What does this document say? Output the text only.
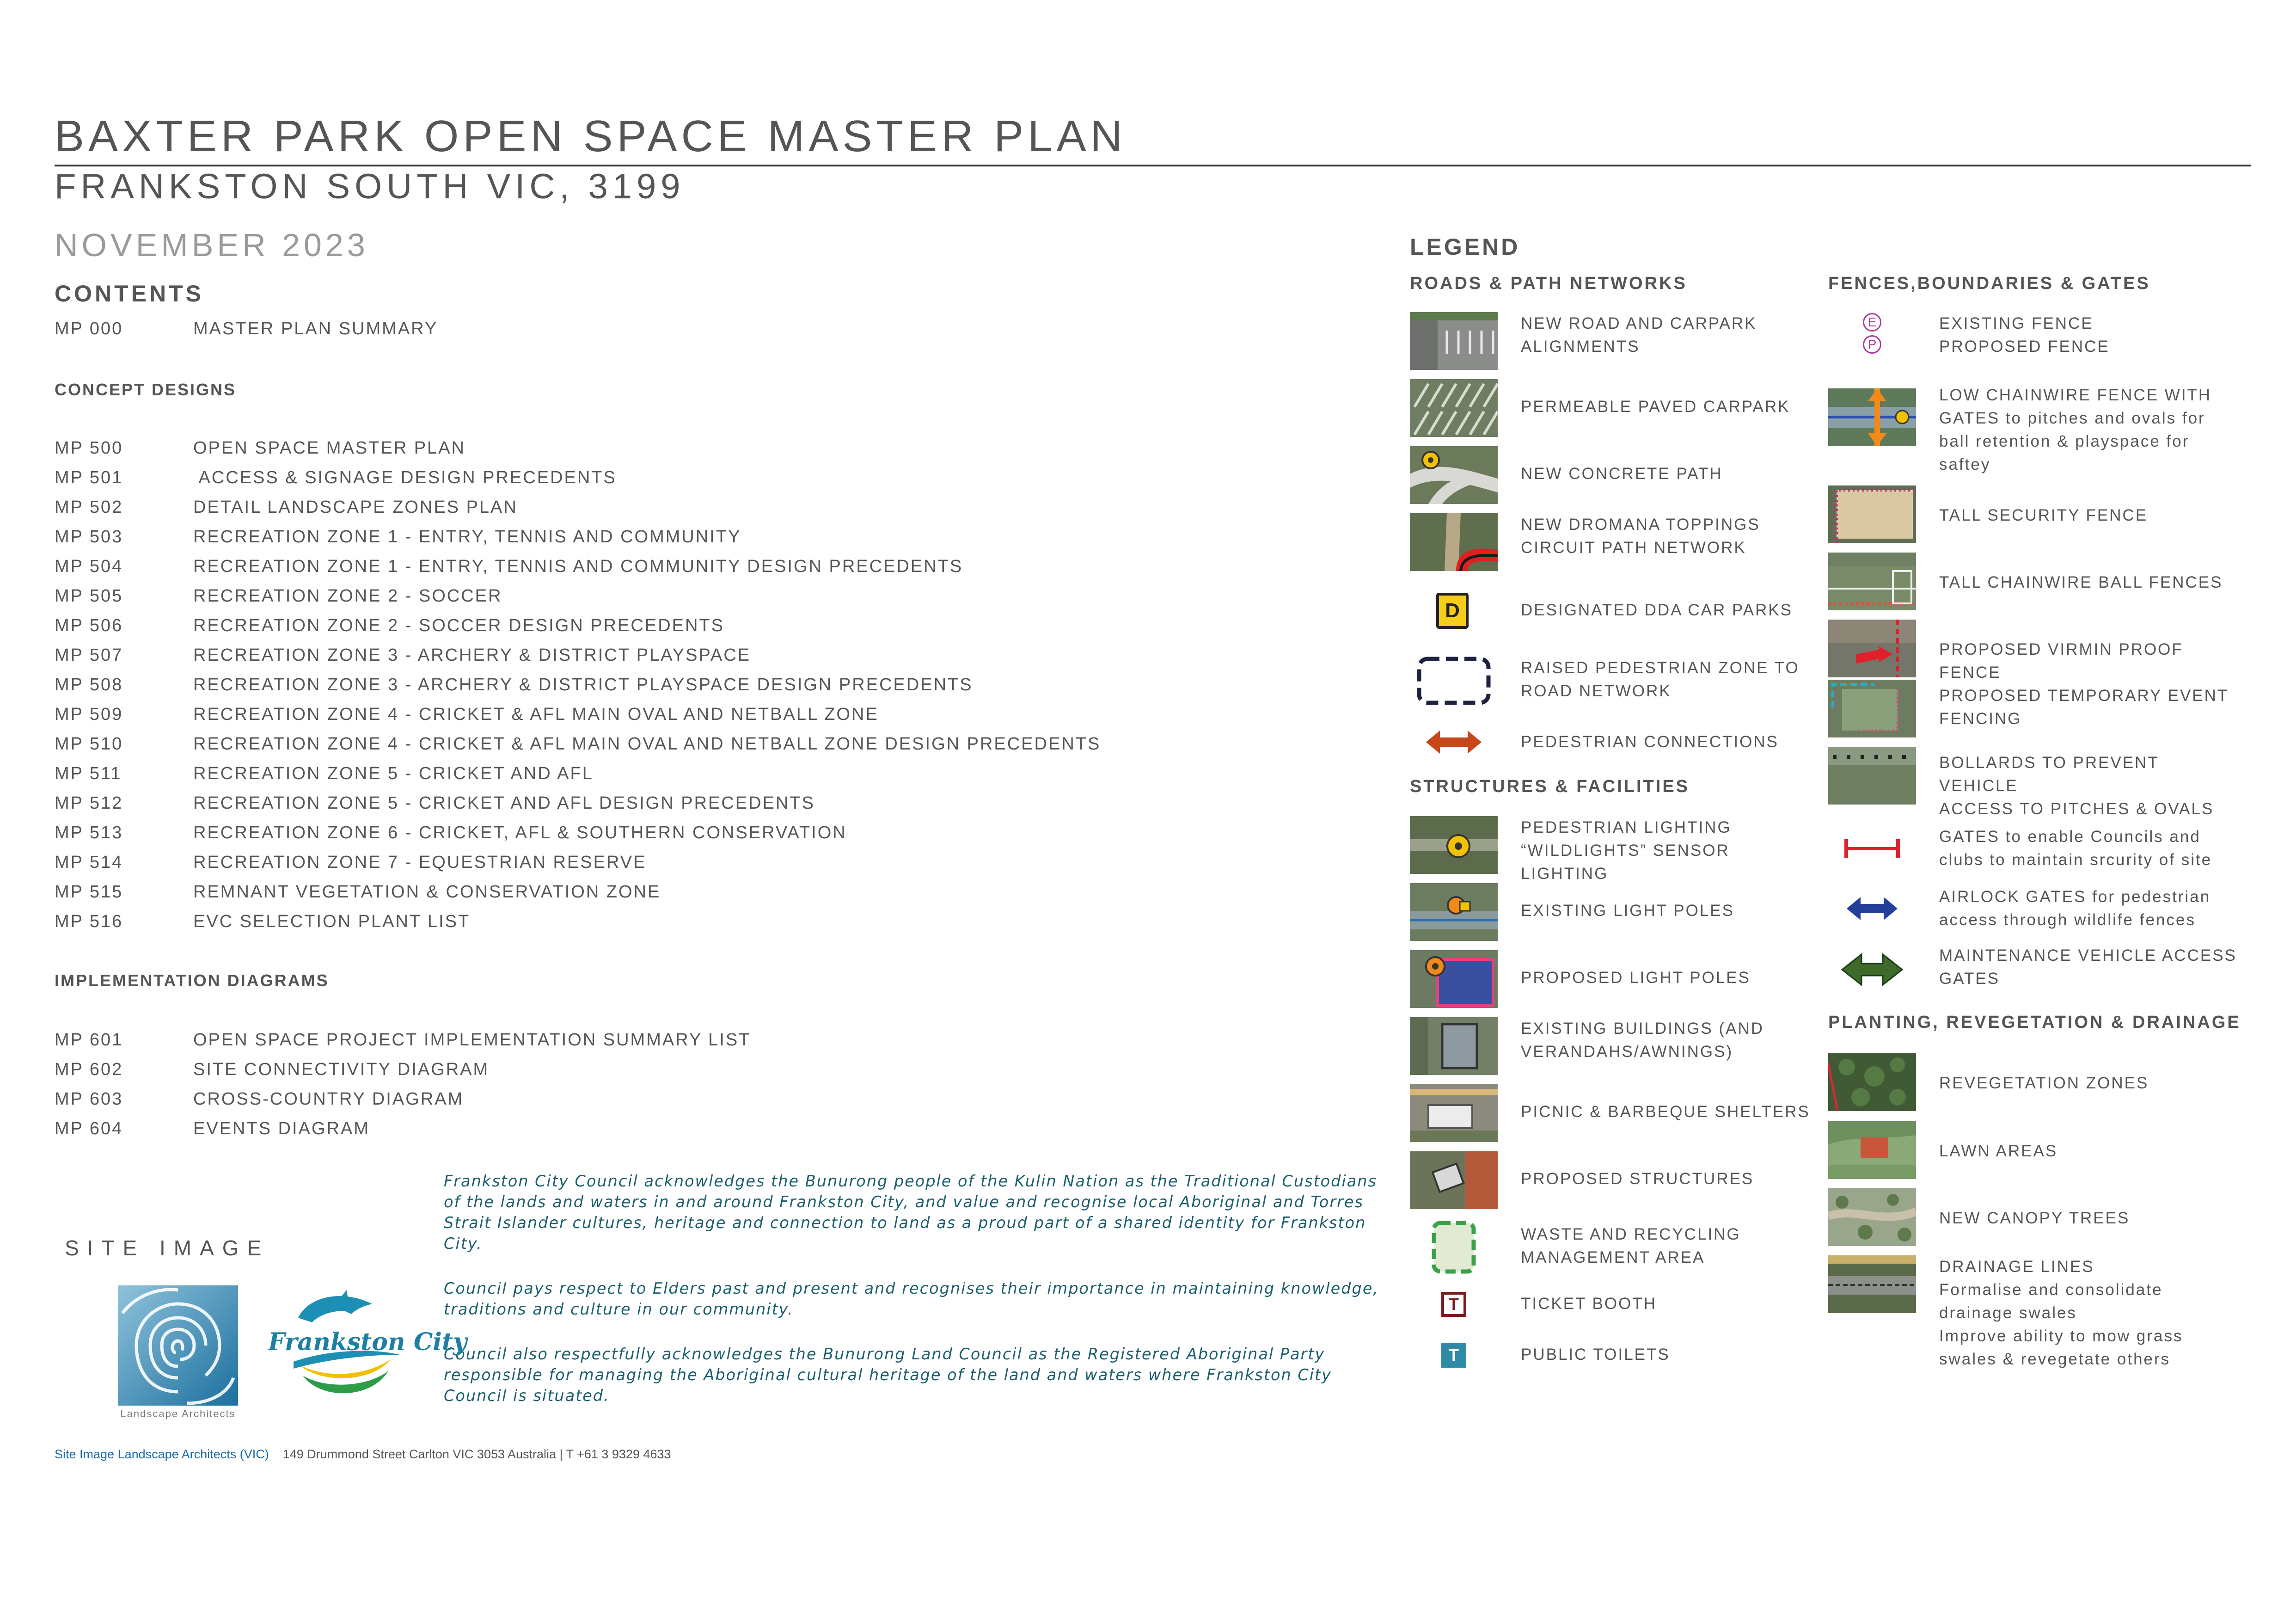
BAXTER PARK OPEN SPACE MASTER PLAN
FRANKSTON SOUTH VIC, 3199
NOVEMBER 2023
CONTENTS
MP 000	MASTER PLAN SUMMARY
CONCEPT DESIGNS
MP 500	OPEN SPACE MASTER PLAN
MP 501	ACCESS & SIGNAGE DESIGN PRECEDENTS
MP 502	DETAIL LANDSCAPE ZONES PLAN
MP 503	RECREATION ZONE 1 - ENTRY, TENNIS AND COMMUNITY
MP 504	RECREATION ZONE 1 - ENTRY, TENNIS AND COMMUNITY DESIGN PRECEDENTS
MP 505	RECREATION ZONE 2 - SOCCER
MP 506	RECREATION ZONE 2 - SOCCER DESIGN PRECEDENTS
MP 507	RECREATION ZONE 3 - ARCHERY & DISTRICT PLAYSPACE
MP 508	RECREATION ZONE 3 - ARCHERY & DISTRICT PLAYSPACE DESIGN PRECEDENTS
MP 509	RECREATION ZONE 4 - CRICKET & AFL MAIN OVAL AND NETBALL ZONE
MP 510	RECREATION ZONE 4 - CRICKET & AFL MAIN OVAL AND NETBALL ZONE DESIGN PRECEDENTS
MP 511	RECREATION ZONE 5 - CRICKET AND AFL
MP 512	RECREATION ZONE 5 - CRICKET AND AFL DESIGN PRECEDENTS
MP 513	RECREATION ZONE 6 - CRICKET, AFL & SOUTHERN CONSERVATION
MP 514	RECREATION ZONE 7 - EQUESTRIAN RESERVE
MP 515	REMNANT VEGETATION & CONSERVATION ZONE
MP 516	EVC SELECTION PLANT LIST
IMPLEMENTATION DIAGRAMS
MP 601	OPEN SPACE PROJECT IMPLEMENTATION SUMMARY LIST
MP 602	SITE CONNECTIVITY DIAGRAM
MP 603	CROSS-COUNTRY DIAGRAM
MP 604	EVENTS DIAGRAM

Frankston City Council acknowledges the Bunurong people of the Kulin Nation as the Traditional Custodians of the lands and waters in and around Frankston City, and value and recognise local Aboriginal and Torres Strait Islander cultures, heritage and connection to land as a proud part of a shared identity for Frankston City.

Council pays respect to Elders past and present and recognises their importance in maintaining knowledge, traditions and culture in our community.

Council also respectfully acknowledges the Bunurong Land Council as the Registered Aboriginal Party responsible for managing the Aboriginal cultural heritage of the land and waters where Frankston City Council is situated.

SITE IMAGE
Landscape Architects
Frankston City
Site Image Landscape Architects (VIC) 149 Drummond Street Carlton VIC 3053 Australia | T +61 3 9329 4633
LEGEND
ROADS & PATH NETWORKS
NEW ROAD AND CARPARK
ALIGNMENTS
PERMEABLE PAVED CARPARK
NEW CONCRETE PATH
NEW DROMANA TOPPINGS
CIRCUIT PATH NETWORK
D	DESIGNATED DDA CAR PARKS
RAISED PEDESTRIAN ZONE TO
ROAD NETWORK
PEDESTRIAN CONNECTIONS
STRUCTURES & FACILITIES
PEDESTRIAN LIGHTING
“WILDLIGHTS” SENSOR LIGHTING
EXISTING LIGHT POLES
PROPOSED LIGHT POLES
EXISTING BUILDINGS (AND
VERANDAHS/AWNINGS)
PICNIC & BARBEQUE SHELTERS
PROPOSED STRUCTURES
WASTE AND RECYCLING
MANAGEMENT AREA
T	TICKET BOOTH
T	PUBLIC TOILETS
FENCES,BOUNDARIES & GATES
E
P
EXISTING FENCE
PROPOSED FENCE
LOW CHAINWIRE FENCE WITH
GATES to pitches and ovals for
ball retention & playspace for
saftey
TALL SECURITY FENCE
TALL CHAINWIRE BALL FENCES
PROPOSED VIRMIN PROOF FENCE
PROPOSED TEMPORARY EVENT
FENCING
BOLLARDS TO PREVENT VEHICLE
ACCESS TO PITCHES & OVALS
GATES to enable Councils and
clubs to maintain srcurity of site
AIRLOCK GATES for pedestrian
access through wildlife fences
MAINTENANCE VEHICLE ACCESS
GATES
PLANTING, REVEGETATION & DRAINAGE
REVEGETATION ZONES
LAWN AREAS
NEW CANOPY TREES
DRAINAGE LINES
Formalise and consolidate
drainage swales
Improve ability to mow grass
swales & revegetate others
